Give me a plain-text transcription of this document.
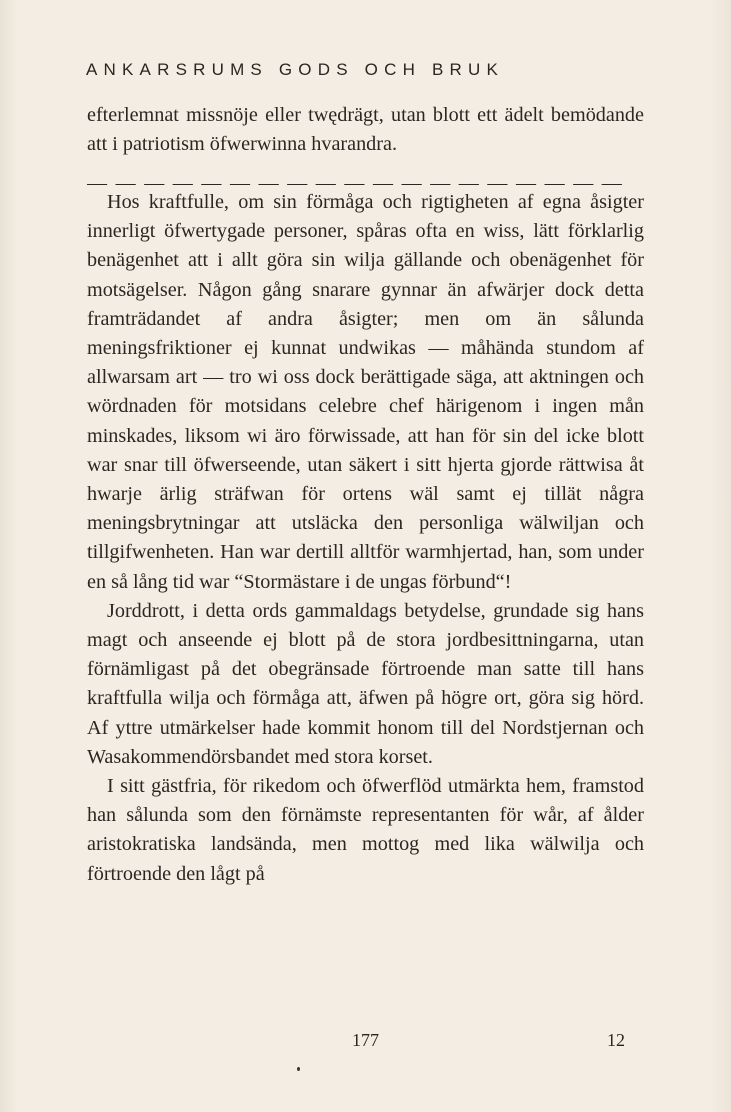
ANKARSRUMS GODS OCH BRUK

efterlemnat missnöje eller twędrägt, utan blott ett ädelt bemödande att i patriotism öfwerwinna hvarandra.

———————————————————

Hos kraftfulle, om sin förmåga och rigtigheten af egna åsigter innerligt öfwertygade personer, spåras ofta en wiss, lätt förklarlig benägenhet att i allt göra sin wilja gällande och obenägenhet för motsägelser. Någon gång snarare gynnar än afwärjer dock detta framträdandet af andra åsigter; men om än sålunda meningsfriktioner ej kunnat undwikas — måhända stundom af allwarsam art — tro wi oss dock berättigade säga, att aktningen och wördnaden för motsidans celebre chef härigenom i ingen mån minskades, liksom wi äro förwissade, att han för sin del icke blott war snar till öfwerseende, utan säkert i sitt hjerta gjorde rättwisa åt hwarje ärlig sträfwan för ortens wäl samt ej tillät några meningsbrytningar att utsläcka den personliga wälwiljan och tillgifwenheten. Han war dertill alltför warmhjertad, han, som under en så lång tid war “Stormästare i de ungas förbund“!

Jorddrott, i detta ords gammaldags betydelse, grundade sig hans magt och anseende ej blott på de stora jordbesittningarna, utan förnämligast på det obegränsade förtroende man satte till hans kraftfulla wilja och förmåga att, äfwen på högre ort, göra sig hörd. Af yttre utmärkelser hade kommit honom till del Nordstjernan och Wasakommendörsbandet med stora korset.

I sitt gästfria, för rikedom och öfwerflöd utmärkta hem, framstod han sålunda som den förnämste representanten för wår, af ålder aristokratiska landsända, men mottog med lika wälwilja och förtroende den lågt på

177	12
